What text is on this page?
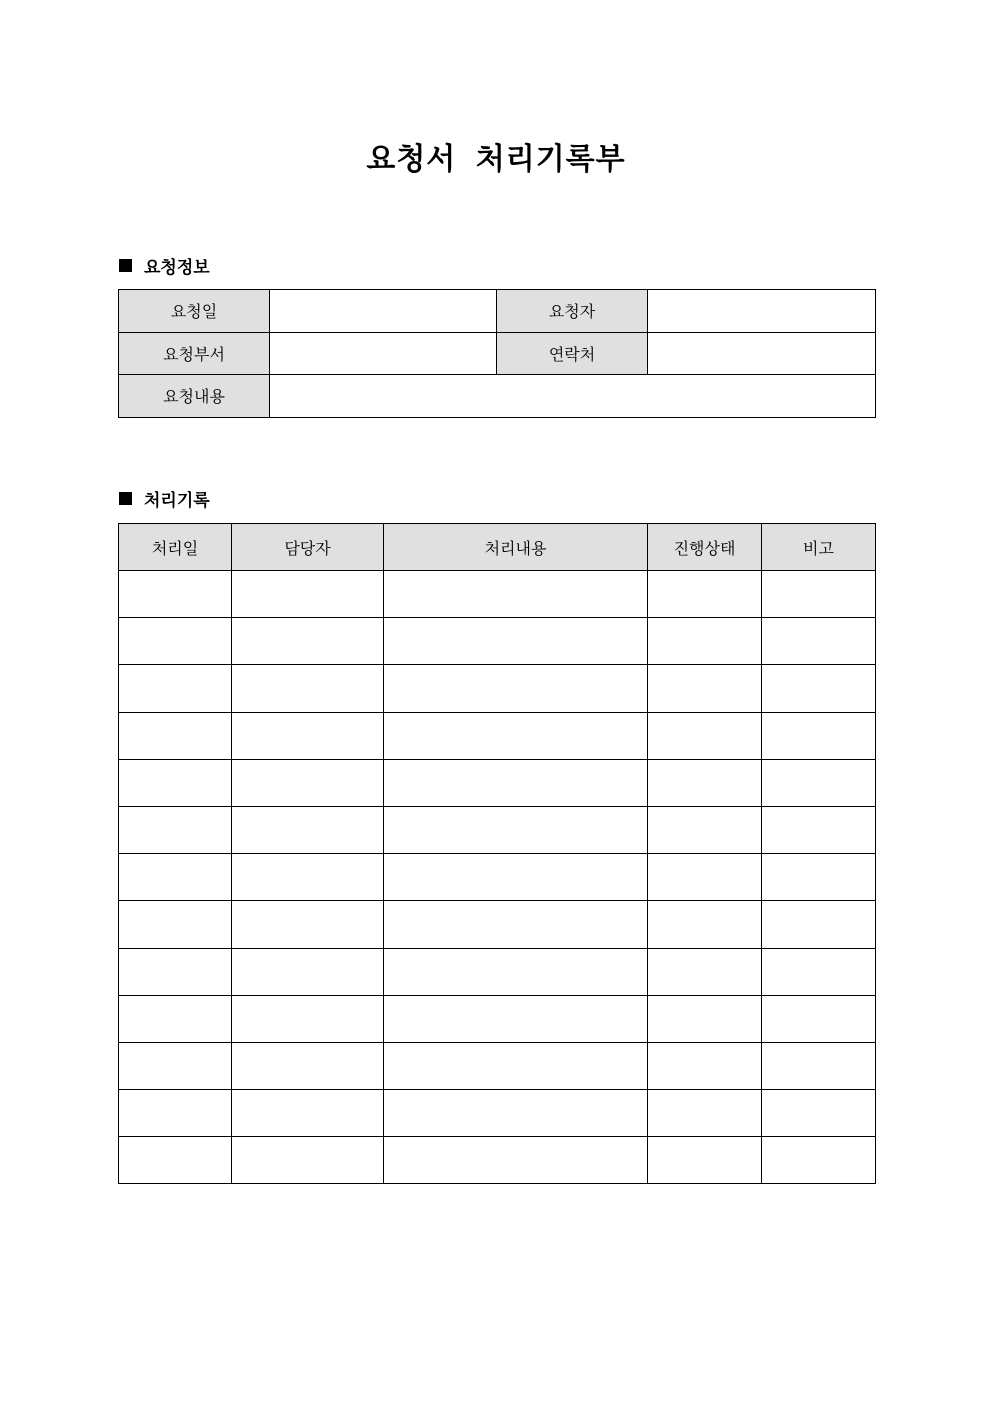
요청서 처리기록부
요청정보
요청일		요청자	
요청부서		연락처	
요청내용			
처리기록
처리일	담당자	처리내용	진행상태	비고
